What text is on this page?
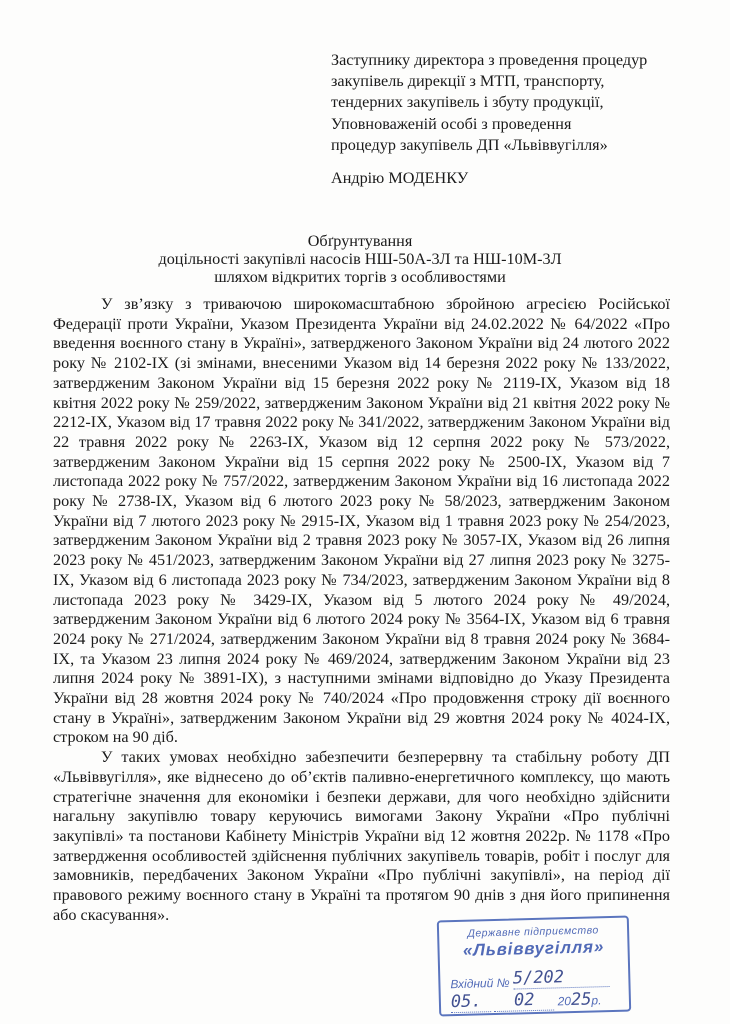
Заступнику директора з проведення процедур
закупівель дирекції з МТП, транспорту,
тендерних закупівель і збуту продукції,
Уповноваженій особі з проведення
процедур закупівель ДП «Львіввугілля»
Андрію МОДЕНКУ
Обґрунтування
доцільності закупівлі насосів НШ-50А-3Л та НШ-10М-3Л
шляхом відкритих торгів з особливостями

У зв’язку з триваючою широкомасштабною збройною агресією Російської Федерації проти України, Указом Президента України від 24.02.2022 № 64/2022 «Про введення воєнного стану в Україні», затвердженого Законом України від 24 лютого 2022 року № 2102-IX (зі змінами, внесеними Указом від 14 березня 2022 року № 133/2022, затвердженим Законом України від 15 березня 2022 року № 2119-IX, Указом від 18 квітня 2022 року № 259/2022, затвердженим Законом України від 21 квітня 2022 року № 2212-IX, Указом від 17 травня 2022 року № 341/2022, затвердженим Законом України від 22 травня 2022 року № 2263-IX, Указом від 12 серпня 2022 року № 573/2022, затвердженим Законом України від 15 серпня 2022 року № 2500-IX, Указом від 7 листопада 2022 року № 757/2022, затвердженим Законом України від 16 листопада 2022 року № 2738-IX, Указом від 6 лютого 2023 року № 58/2023, затвердженим Законом України від 7 лютого 2023 року № 2915-IX, Указом від 1 травня 2023 року № 254/2023, затвердженим Законом України від 2 травня 2023 року № 3057-IX, Указом від 26 липня 2023 року № 451/2023, затвердженим Законом України від 27 липня 2023 року № 3275-IX, Указом від 6 листопада 2023 року № 734/2023, затвердженим Законом України від 8 листопада 2023 року № 3429-IX, Указом від 5 лютого 2024 року № 49/2024, затвердженим Законом України від 6 лютого 2024 року № 3564-IX, Указом від 6 травня 2024 року № 271/2024, затвердженим Законом України від 8 травня 2024 року № 3684-IX, та Указом 23 липня 2024 року № 469/2024, затвердженим Законом України від 23 липня 2024 року № 3891-IX), з наступними змінами відповідно до Указу Президента України від 28 жовтня 2024 року № 740/2024 «Про продовження строку дії воєнного стану в Україні», затвердженим Законом України від 29 жовтня 2024 року № 4024-IX, строком на 90 діб.

У таких умовах необхідно забезпечити безперервну та стабільну роботу ДП «Львіввугілля», яке віднесено до об’єктів паливно-енергетичного комплексу, що мають стратегічне значення для економіки і безпеки держави, для чого необхідно здійснити нагальну закупівлю товару керуючись вимогами Закону України «Про публічні закупівлі» та постанови Кабінету Міністрів України від 12 жовтня 2022р. № 1178 «Про затвердження особливостей здійснення публічних закупівель товарів, робіт і послуг для замовників, передбачених Законом України «Про публічні закупівлі», на період дії правового режиму воєнного стану в Україні та протягом 90 днів з дня його припинення або скасування».

Державне підприємство
«Львіввугілля»
Вхідний № 5/202
05. 02 2025р.
